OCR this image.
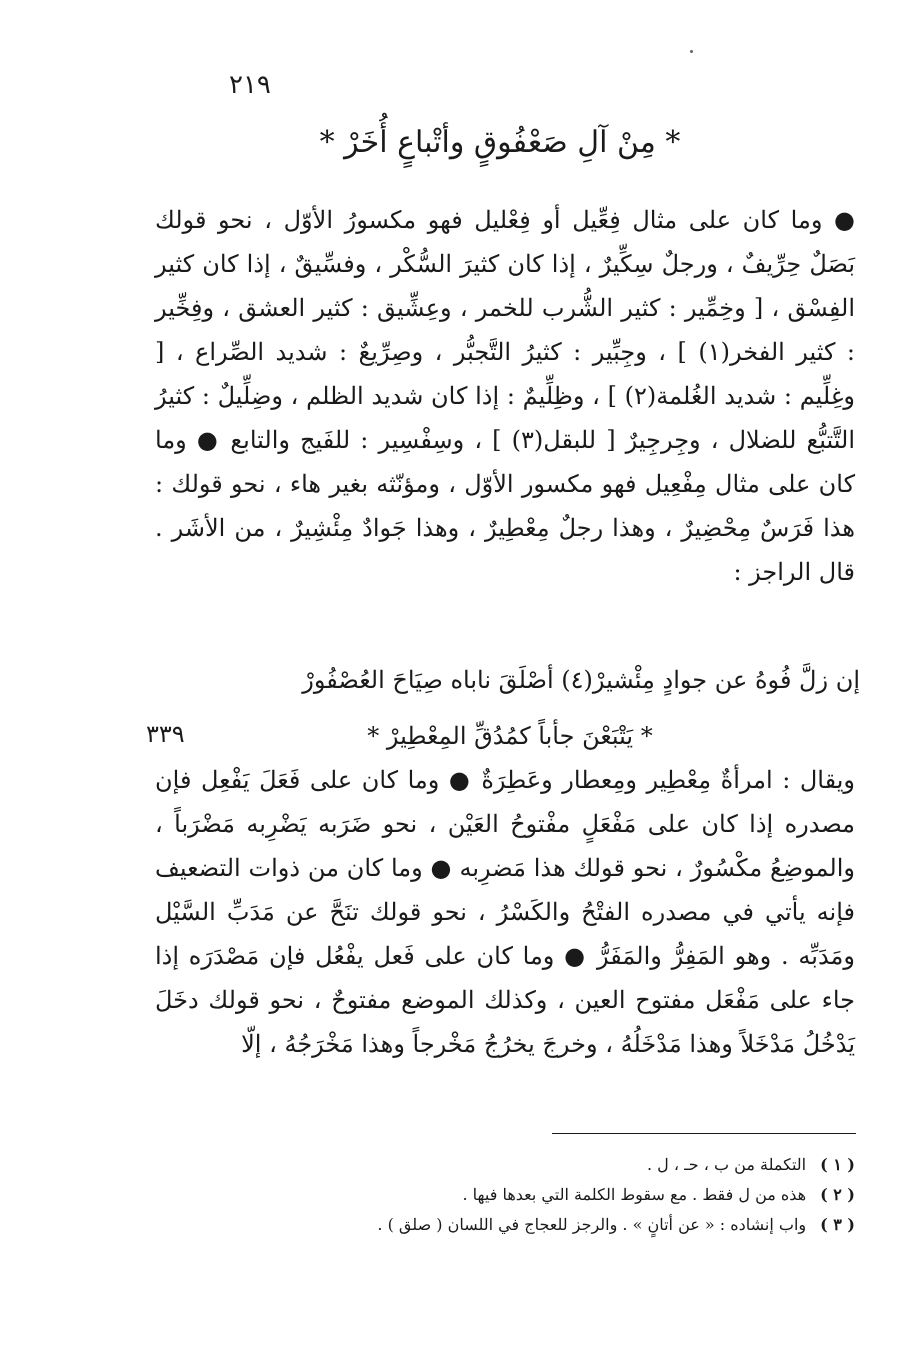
٢١٩
* مِنْ آلِ صَعْفُوقٍ وأتْباعٍ أُخَرْ *
● وما كان على مثال فِعِّيل أو فِعْليل فهو مكسورُ الأوّل ، نحو قولك بَصَلٌ حِرِّيفٌ ، ورجلٌ سِكِّيرٌ ، إذا كان كثيرَ السُّكْر ، وفسِّيقٌ ، إذا كان كثير الفِسْق ، [ وخِمِّير : كثير الشُّرب للخمر ، وعِشِّيق : كثير العشق ، وفِخِّير : كثير الفخر(١) ] ، وجِبِّير : كثيرُ التَّجبُّر ، وصِرِّيعٌ : شديد الصِّراع ، [ وغِلِّيم : شديد الغُلمة(٢) ] ، وظِلِّيمٌ : إذا كان شديد الظلم ، وضِلِّيلٌ : كثيرُ التَّتبُّع للضلال ، وجِرجِيرٌ [ للبقل(٣) ] ، وسِفْسِير : للفَيج والتابع ● وما كان على مثال مِفْعِيل فهو مكسور الأوّل ، ومؤنّثه بغير هاء ، نحو قولك : هذا فَرَسٌ مِحْضِيرٌ ، وهذا رجلٌ مِعْطِيرٌ ، وهذا جَوادٌ مِئْشِيرٌ ، من الأشَر . قال الراجز :
إن زلَّ فُوهُ عن جوادٍ مِئْشيرْ(٤) أصْلَقَ ناباه صِيَاحَ العُصْفُورْ
٣٣٩	* يَتْبَعْنَ جأباً كمُدُقِّ المِعْطِيرْ *
ويقال : امرأةٌ مِعْطِير ومِعطار وعَطِرَةٌ ● وما كان على فَعَلَ يَفْعِل فإن مصدره إذا كان على مَفْعَلٍ مفْتوحُ العَيْن ، نحو ضَرَبه يَضْرِبه مَضْرَباً ، والموضِعُ مكْسُورٌ ، نحو قولك هذا مَضرِبه ● وما كان من ذوات التضعيف فإنه يأتي في مصدره الفتْحُ والكَسْرُ ، نحو قولك تنَحَّ عن مَدَبِّ السَّيْل ومَدَبِّه . وهو المَفِرُّ والمَفَرُّ ● وما كان على فَعل يفْعُل فإن مَصْدَرَه إذا جاء على مَفْعَل مفتوح العين ، وكذلك الموضع مفتوحٌ ، نحو قولك دخَلَ يَدْخُلُ مَدْخَلاً وهذا مَدْخَلُهُ ، وخرجَ يخرُجُ مَخْرجاً وهذا مَخْرَجُهُ ، إلّا
( ١ )التكملة من ب ، حـ ، ل .
( ٢ )هذه من ل فقط . مع سقوط الكلمة التي بعدها فيها .
( ٣ )واب إنشاده : « عن أتانٍ » . والرجز للعجاج في اللسان ( صلق ) .
